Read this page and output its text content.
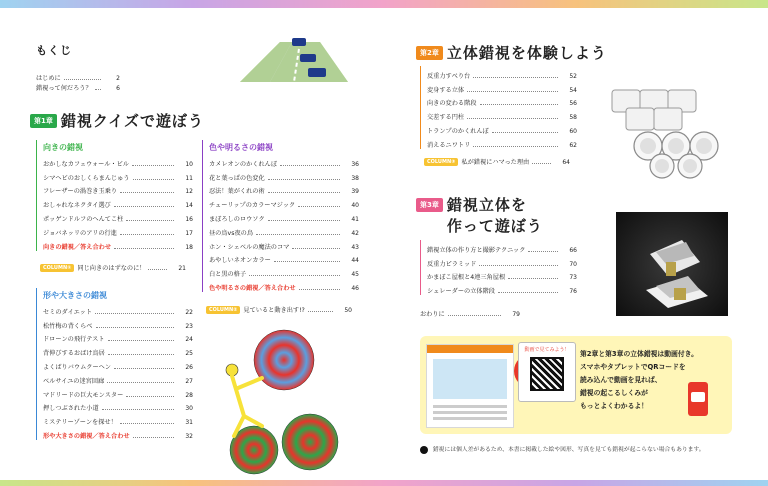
もくじ
はじめに	2
錯視って何だろう？	6
第1章 錯視クイズで遊ぼう
向きの錯視
おかしなカフェウォール・ビル	10
シマヘビのおしくらまんじゅう	11
フレーザーの渦巻き玉乗り	12
おしゃれなネクタイ選び	14
ポッゲンドルフのへんてこ柱	16
ジョバネッリのアリの行進	17
向きの錯視／答え合わせ	18
COLUMN① 同じ向きのはずなのに！	21
形や大きさの錯視
セミのダイエット	22
松竹梅の背くらべ	23
ドローンの飛行テスト	24
背伸びするおばけ鳥居	25
よくばりバウムクーヘン	26
ベルサイユの迷宮回廊	27
マドリードの巨大モンスター	28
押しつぶされた小道	30
ミステリーゾーンを探せ！	31
形や大きさの錯視／答え合わせ	32
色や明るさの錯視
カメレオンのかくれんぼ	36
花と葉っぱの色変化	38
忍法！葉がくれの術	39
チューリップのカラーマジック	40
まぼろしのロウソク	41
昼の鳥vs夜の鳥	42
ホン・シェベルの魔法のコマ	43
あやしいネオンカラー	44
白と黒の格子	45
色や明るさの錯視／答え合わせ	46
COLUMN② 見ていると動き出す!?	50
第2章 立体錯視を体験しよう
反重力すべり台	52
変身する立体	54
向きの変わる階段	56
交差する円柱	58
トランプのかくれんぼ	60
消えるニワトリ	62
COLUMN③ 私が錯視にハマった理由	64
第3章 錯視立体を
作って遊ぼう
錯視立体の作り方と撮影テクニック	66
反重力ピラミッド	70
かまぼこ屋根と4連三角屋根	73
シュレーダーの立体階段	76
おわりに	79
動画で見てみよう！	第2章と第3章の立体錯視は動画付き。
スマホやタブレットでQRコードを
読み込んで動画を見れば、
錯視の起こるしくみが
もっとよくわかるよ！
錯視には個人差があるため、本書に掲載した絵や図形、写真を見ても錯視が起こらない場合もあります。
